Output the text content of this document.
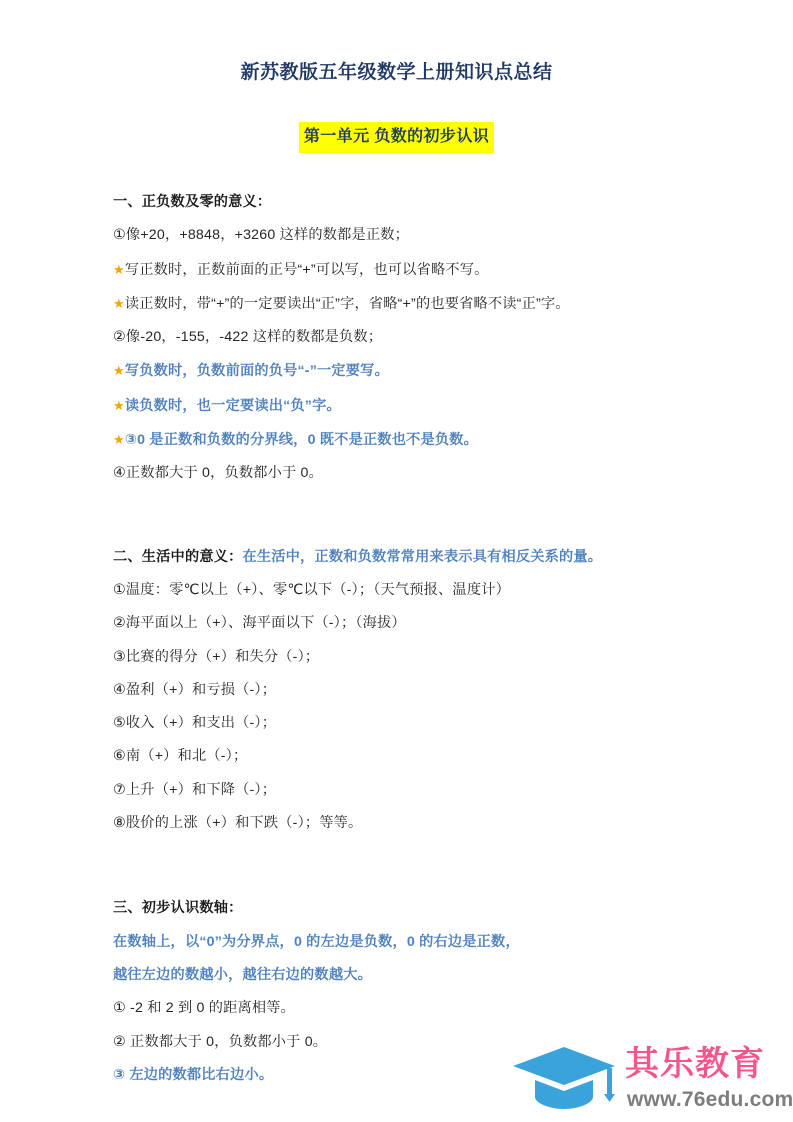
新苏教版五年级数学上册知识点总结
第一单元 负数的初步认识
一、正负数及零的意义：
①像+20，+8848，+3260 这样的数都是正数；
★写正数时，正数前面的正号“+”可以写，也可以省略不写。
★读正数时，带“+”的一定要读出“正”字，省略“+”的也要省略不读“正”字。
②像-20，-155，-422 这样的数都是负数；
★写负数时，负数前面的负号“-”一定要写。
★读负数时，也一定要读出“负”字。
★③0 是正数和负数的分界线，0 既不是正数也不是负数。
④正数都大于 0，负数都小于 0。
二、生活中的意义：在生活中，正数和负数常常用来表示具有相反关系的量。
①温度：零℃以上（+）、零℃以下（-）；（天气预报、温度计）
②海平面以上（+）、海平面以下（-）；（海拔）
③比赛的得分（+）和失分（-）；
④盈利（+）和亏损（-）；
⑤收入（+）和支出（-）；
⑥南（+）和北（-）；
⑦上升（+）和下降（-）；
⑧股价的上涨（+）和下跌（-）；等等。
三、初步认识数轴：
在数轴上，以“0”为分界点，0 的左边是负数，0 的右边是正数，
越往左边的数越小，越往右边的数越大。
① -2 和 2 到 0 的距离相等。
② 正数都大于 0，负数都小于 0。
③ 左边的数都比右边小。	其乐教育
www.76edu.com
